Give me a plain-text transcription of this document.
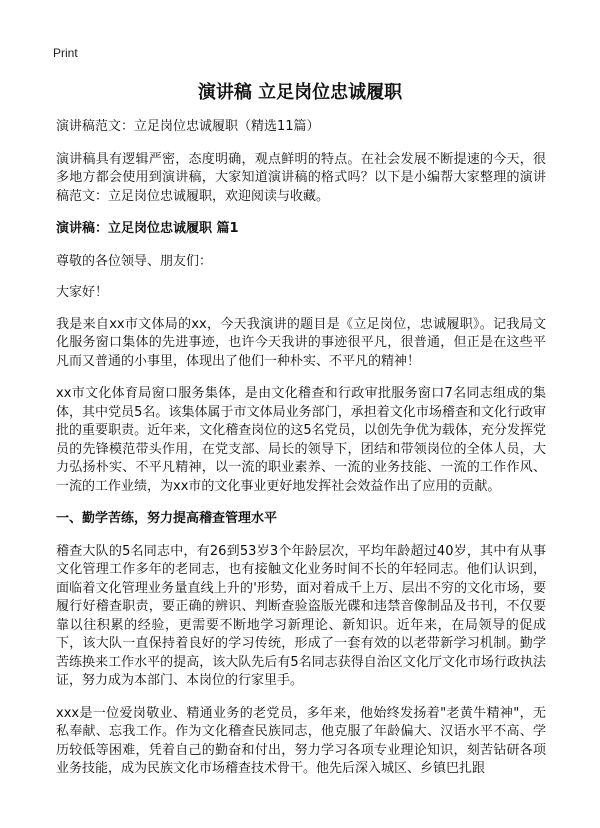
Print
演讲稿 立足岗位忠诚履职

演讲稿范文：立足岗位忠诚履职（精选11篇）

演讲稿具有逻辑严密，态度明确，观点鲜明的特点。在社会发展不断提速的今天，很多地方都会使用到演讲稿，大家知道演讲稿的格式吗？以下是小编帮大家整理的演讲稿范文：立足岗位忠诚履职，欢迎阅读与收藏。

演讲稿：立足岗位忠诚履职 篇1

尊敬的各位领导、朋友们：

大家好！

我是来自xx市文体局的xx，今天我演讲的题目是《立足岗位，忠诚履职》。记我局文化服务窗口集体的先进事迹，也许今天我讲的事迹很平凡，很普通，但正是在这些平凡而又普通的小事里，体现出了他们一种朴实、不平凡的精神！

xx市文化体育局窗口服务集体，是由文化稽查和行政审批服务窗口7名同志组成的集体，其中党员5名。该集体属于市文体局业务部门，承担着文化市场稽查和文化行政审批的重要职责。近年来，文化稽查岗位的这5名党员，以创先争优为载体，充分发挥党员的先锋模范带头作用，在党支部、局长的领导下，团结和带领岗位的全体人员，大力弘扬朴实、不平凡精神，以一流的职业素养、一流的业务技能、一流的工作作风、一流的工作业绩，为xx市的文化事业更好地发挥社会效益作出了应用的贡献。

一、勤学苦练，努力提高稽查管理水平

稽查大队的5名同志中，有26到53岁3个年龄层次，平均年龄超过40岁，其中有从事文化管理工作多年的老同志，也有接触文化业务时间不长的年轻同志。他们认识到，面临着文化管理业务量直线上升的'形势，面对着成千上万、层出不穷的文化市场，要履行好稽查职责，要正确的辨识、判断查验盗版光碟和违禁音像制品及书刊，不仅要靠以往积累的经验，更需要不断地学习新理论、新知识。近年来，在局领导的促成下，该大队一直保持着良好的学习传统，形成了一套有效的以老带新学习机制。勤学苦练换来工作水平的提高，该大队先后有5名同志获得自治区文化厅文化市场行政执法证，努力成为本部门、本岗位的行家里手。

xxx是一位爱岗敬业、精通业务的老党员，多年来，他始终发扬着"老黄牛精神"，无私奉献、忘我工作。作为文化稽查民族同志，他克服了年龄偏大、汉语水平不高、学历较低等困难，凭着自己的勤奋和付出，努力学习各项专业理论知识，刻苦钻研各项业务技能，成为民族文化市场稽查技术骨干。他先后深入城区、乡镇巴扎跟
